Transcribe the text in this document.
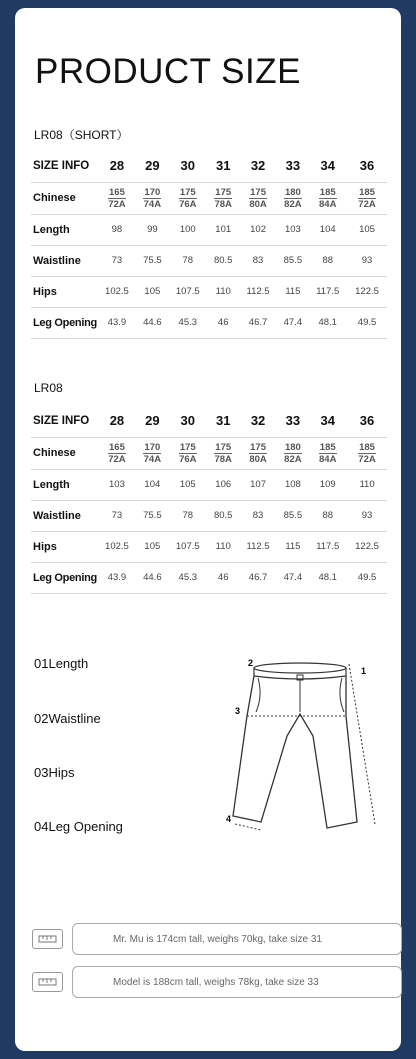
PRODUCT SIZE
LR08（SHORT）
SIZE INFO	28	29	30	31	32	33	34	36
Chinese	$\frac{165}{72A}$	$\frac{170}{74A}$	$\frac{175}{76A}$	$\frac{175}{78A}$	$\frac{175}{80A}$	$\frac{180}{82A}$	$\frac{185}{84A}$	$\frac{185}{72A}$

Length	98	99	100	101	102	103	104	105
Waistline	73	75.5	78	80.5	83	85.5	88	93
Hips	102.5	105	107.5	110	112.5	115	117.5	122.5
Leg Opening	43.9	44.6	45.3	46	46.7	47.4	48.1	49.5
LR08
SIZE INFO	28	29	30	31	32	33	34	36
Chinese	$\frac{165}{72A}$	$\frac{170}{74A}$	$\frac{175}{76A}$	$\frac{175}{78A}$	$\frac{175}{80A}$	$\frac{180}{82A}$	$\frac{185}{84A}$	$\frac{185}{72A}$

Length	103	104	105	106	107	108	109	110
Waistline	73	75.5	78	80.5	83	85.5	88	93
Hips	102.5	105	107.5	110	112.5	115	117.5	122.5
Leg Opening	43.9	44.6	45.3	46	46.7	47.4	48.1	49.5
01Length
02Waistline
03Hips
04Leg Opening
2
1
3
4
Mr. Mu is 174cm tall, weighs 70kg, take size 31
Model is 188cm tall, weighs 78kg, take size 33
